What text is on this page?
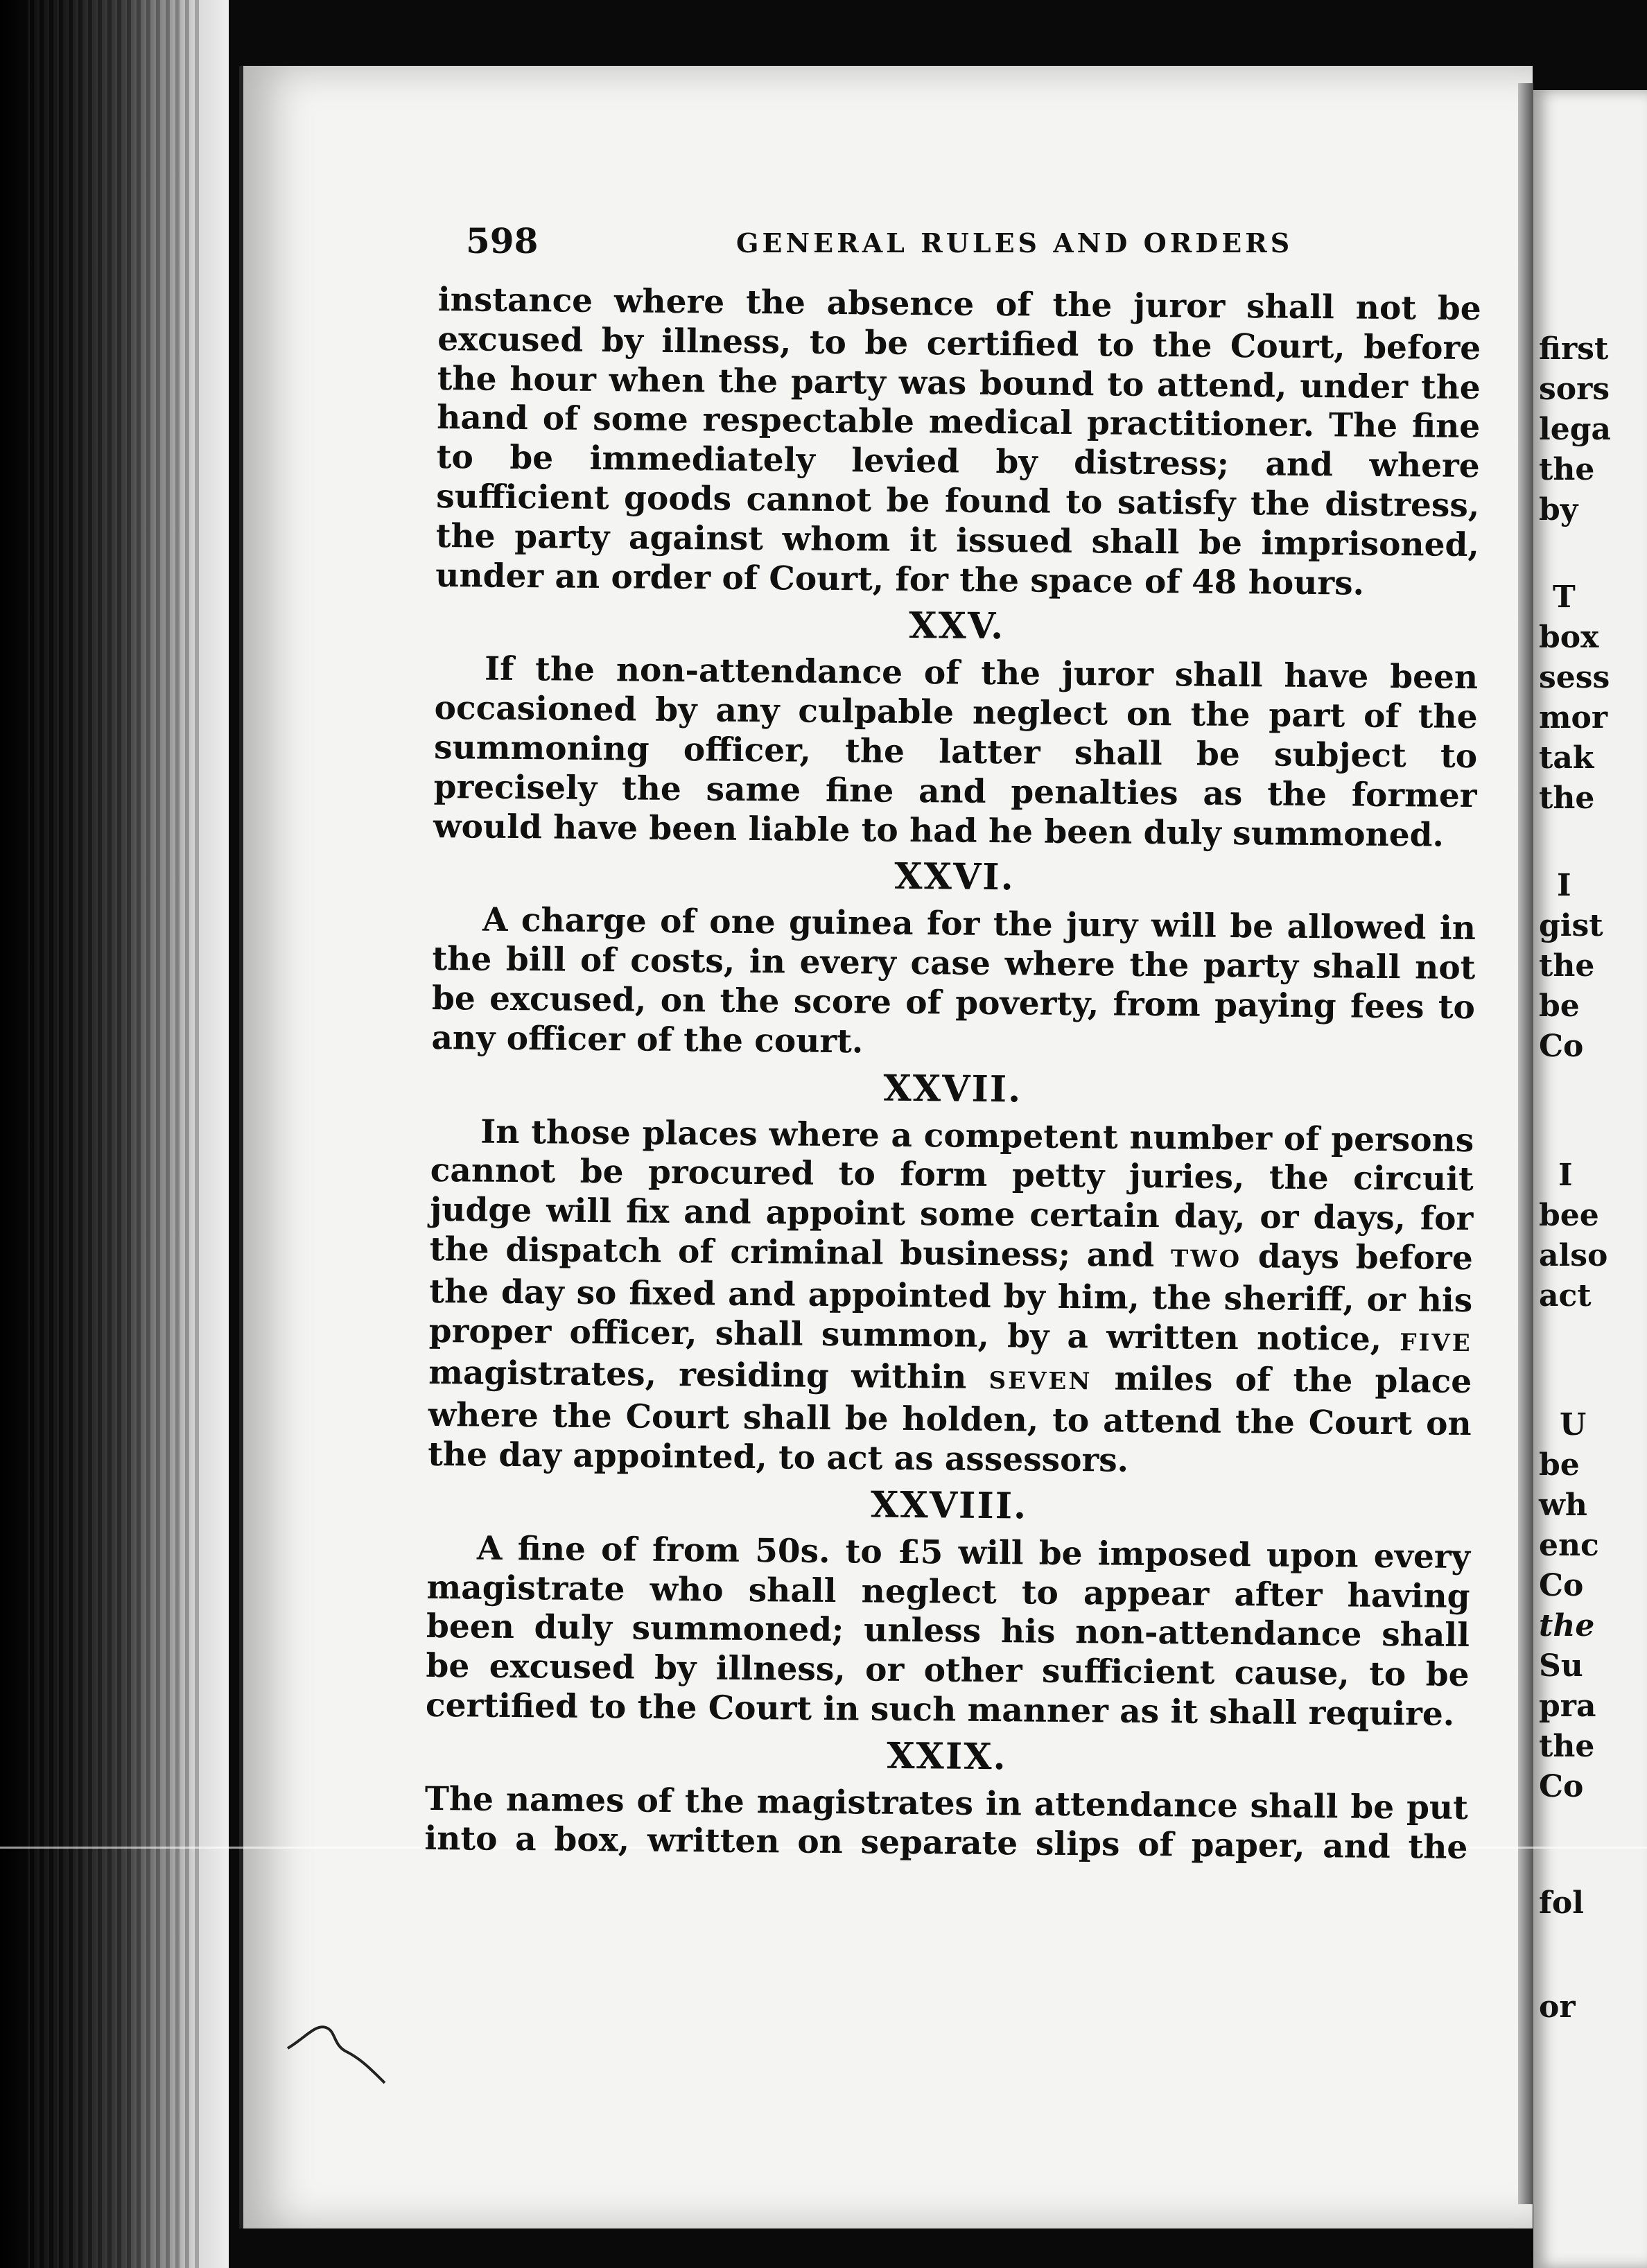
first

sors

lega

the

by

T

box

sess

mor

tak

the

I

gist

the

be

Co

I

bee

also

act

U

be

wh

enc

Co

the

Su

pra

the

Co

fol

or

598	GENERAL RULES AND ORDERS

instance where the absence of the juror shall not be excused by illness, to be certified to the Court, before the hour when the party was bound to attend, under the hand of some respectable medical practitioner. The fine to be immediately levied by distress; and where sufficient goods cannot be found to satisfy the distress, the party against whom it issued shall be imprisoned, under an order of Court, for the space of 48 hours.

XXV.

If the non-attendance of the juror shall have been occasioned by any culpable neglect on the part of the summoning officer, the latter shall be subject to precisely the same fine and penalties as the former would have been liable to had he been duly summoned.

XXVI.

A charge of one guinea for the jury will be allowed in the bill of costs, in every case where the party shall not be excused, on the score of poverty, from paying fees to any officer of the court.

XXVII.

In those places where a competent number of persons cannot be procured to form petty juries, the circuit judge will fix and appoint some certain day, or days, for the dispatch of criminal business; and TWO days before the day so fixed and appointed by him, the sheriff, or his proper officer, shall summon, by a written notice, FIVE magistrates, residing within SEVEN miles of the place where the Court shall be holden, to attend the Court on the day appointed, to act as assessors.

XXVIII.

A fine of from 50s. to £5 will be imposed upon every magistrate who shall neglect to appear after having been duly summoned; unless his non-attendance shall be excused by illness, or other sufficient cause, to be certified to the Court in such manner as it shall require.

XXIX.

The names of the magistrates in attendance shall be put into a box, written on separate slips of paper, and the
